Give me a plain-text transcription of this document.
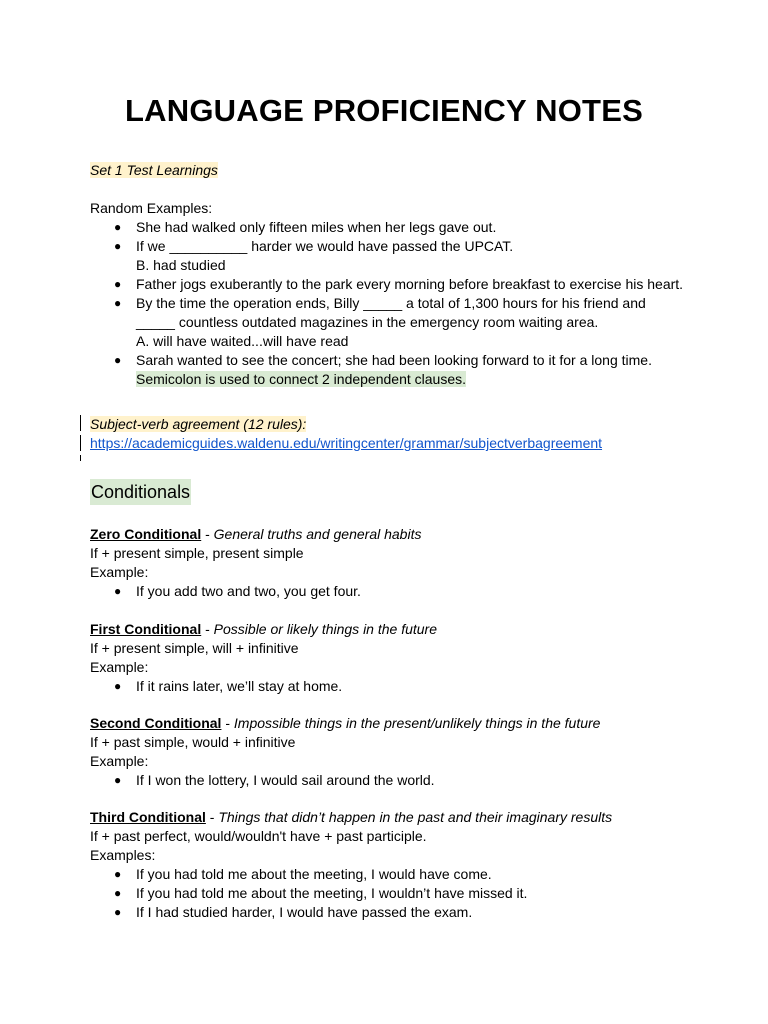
LANGUAGE PROFICIENCY NOTES

Set 1 Test Learnings

Random Examples:

● She had walked only fifteen miles when her legs gave out.
● If we __________ harder we would have passed the UPCAT.

B. had studied

● Father jogs exuberantly to the park every morning before breakfast to exercise his heart.
● By the time the operation ends, Billy _____ a total of 1,300 hours for his friend and

_____ countless outdated magazines in the emergency room waiting area.

A. will have waited...will have read

● Sarah wanted to see the concert; she had been looking forward to it for a long time.

Semicolon is used to connect 2 independent clauses.

Subject-verb agreement (12 rules):

https://academicguides.waldenu.edu/writingcenter/grammar/subjectverbagreement

Conditionals

Zero Conditional - General truths and general habits

If + present simple, present simple

Example:

● If you add two and two, you get four.

First Conditional - Possible or likely things in the future

If + present simple, will + infinitive

Example:

● If it rains later, we’ll stay at home.

Second Conditional - Impossible things in the present/unlikely things in the future

If + past simple, would + infinitive

Example:

● If I won the lottery, I would sail around the world.

Third Conditional - Things that didn’t happen in the past and their imaginary results

If + past perfect, would/wouldn't have + past participle.

Examples:

● If you had told me about the meeting, I would have come.
● If you had told me about the meeting, I wouldn’t have missed it.
● If I had studied harder, I would have passed the exam.
